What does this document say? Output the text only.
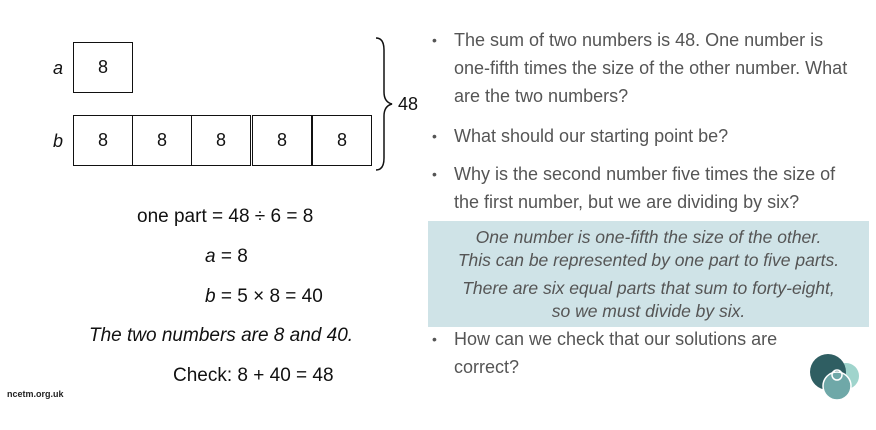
a	8
b	8	8	8	8	8
48
one part = 48 ÷ 6 = 8
a = 8
b = 5 × 8 = 40
The two numbers are 8 and 40.
Check: 8 + 40 = 48
• The sum of two numbers is 48. One number is one-fifth times the size of the other number. What are the two numbers?
• What should our starting point be?
• Why is the second number five times the size of the first number, but we are dividing by six?

One number is one-fifth the size of the other.

This can be represented by one part to five parts.

There are six equal parts that sum to forty-eight,

so we must divide by six.

• How can we check that our solutions are correct?
ncetm.org.uk
